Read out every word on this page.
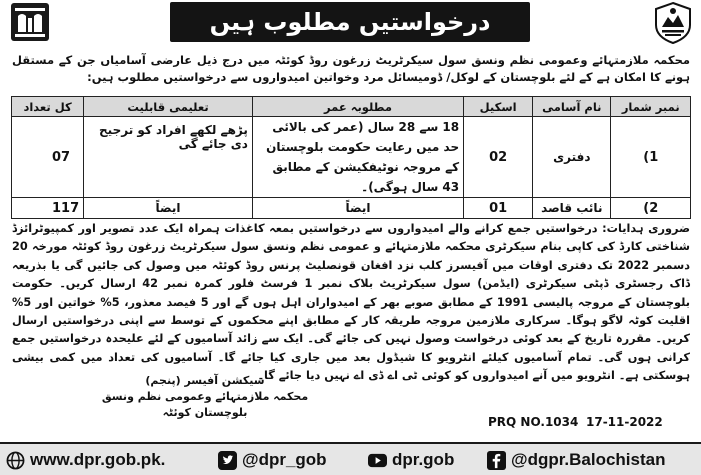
درخواستیں مطلوب ہیں
محکمہ ملازمتہائے وعمومی نظم ونسق سول سیکرٹریٹ زرغون روڈ کوئٹہ میں درج ذیل عارضی آسامیاں جن کے مستقل ہونے کا امکان ہے کے لئے بلوچستان کے لوکل/ ڈومیسائل مرد وخواتین امیدواروں سے درخواستیں مطلوب ہیں:
نمبر شمار	نام آسامی	اسکیل	مطلوبہ عمر	تعلیمی قابلیت	کل تعداد
1)	دفتری	02	18 سے 28 سال (عمر کی بالائی حد میں رعایت حکومت بلوچستان کے مروجہ نوٹیفکیشن کے مطابق 43 سال ہوگی)۔	پڑھے لکھے افراد کو ترجیح دی جائے گی	07
2)	نائب قاصد	01	ایضاً	ایضاً	117
ضروری ہدایات: درخواستیں جمع کرانے والے امیدواروں سے درخواستیں بمعہ کاغذات ہمراہ ایک عدد تصویر اور کمپیوٹرائزڈ شناختی کارڈ کی کاپی بنام سیکرٹری محکمہ ملازمتہائے و عمومی نظم ونسق سول سیکرٹریٹ زرغون روڈ کوئٹہ مورخہ 20 دسمبر 2022 تک دفتری اوقات میں آفیسرز کلب نزد افغان قونصلیٹ پرنس روڈ کوئٹہ میں وصول کی جائیں گی یا بذریعہ ڈاک رجسٹری ڈپٹی سیکرٹری (ایڈمن) سول سیکرٹریٹ بلاک نمبر 1 فرسٹ فلور کمرہ نمبر 42 ارسال کریں۔ حکومت بلوچستان کے مروجہ پالیسی 1991 کے مطابق صوبے بھر کے امیدواران اہل ہوں گے اور 5 فیصد معذور، 5% خواتین اور 5% اقلیت کوٹہ لاگو ہوگا۔ سرکاری ملازمین مروجہ طریقہ کار کے مطابق اپنے محکموں کے توسط سے اپنی درخواستیں ارسال کریں۔ مقررہ تاریخ کے بعد کوئی درخواست وصول نہیں کی جائے گی۔ ایک سے زائد آسامیوں کے لئے علیحدہ درخواستیں جمع کرانی ہوں گی۔ تمام آسامیوں کیلئے انٹرویو کا شیڈول بعد میں جاری کیا جائے گا۔ آسامیوں کی تعداد میں کمی بیشی ہوسکتی ہے۔ انٹرویو میں آنے امیدواروں کو کوئی ٹی اے ڈی اے نہیں دیا جائے گا۔
سیکشن آفیسر (پنجم)
محکمہ ملازمتہائے وعمومی نظم ونسق بلوچستان کوئٹہ
PRQ NO.1034 17-11-2022
www.dpr.gob.pk.	@dpr_gob	dpr.gob	@dgpr.Balochistan
